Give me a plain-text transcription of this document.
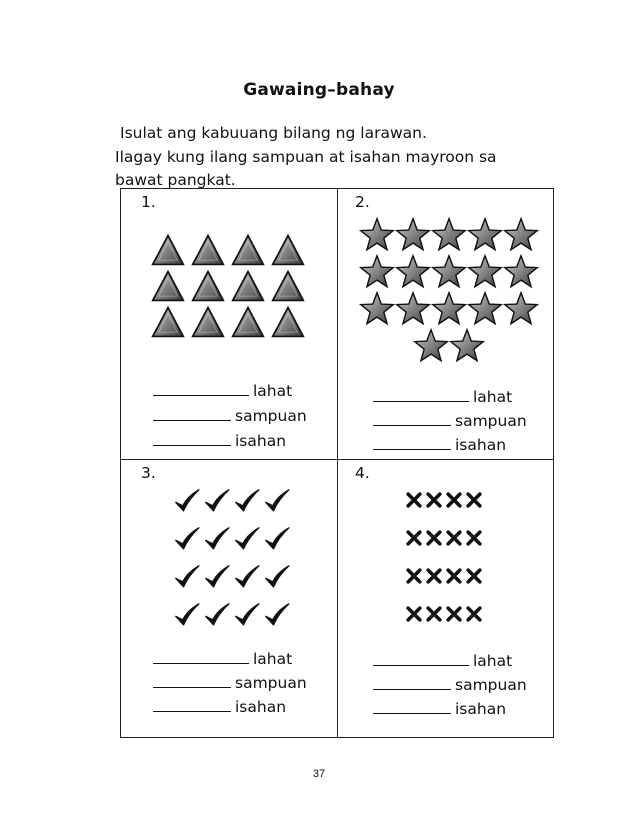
Gawaing–bahay
Isulat ang kabuuang bilang ng larawan.
Ilagay kung ilang sampuan at isahan mayroon sa
bawat pangkat.
1.
lahat
sampuan
isahan
2.
lahat
sampuan
isahan
3.
lahat
sampuan
isahan
4.
lahat
sampuan
isahan
37
